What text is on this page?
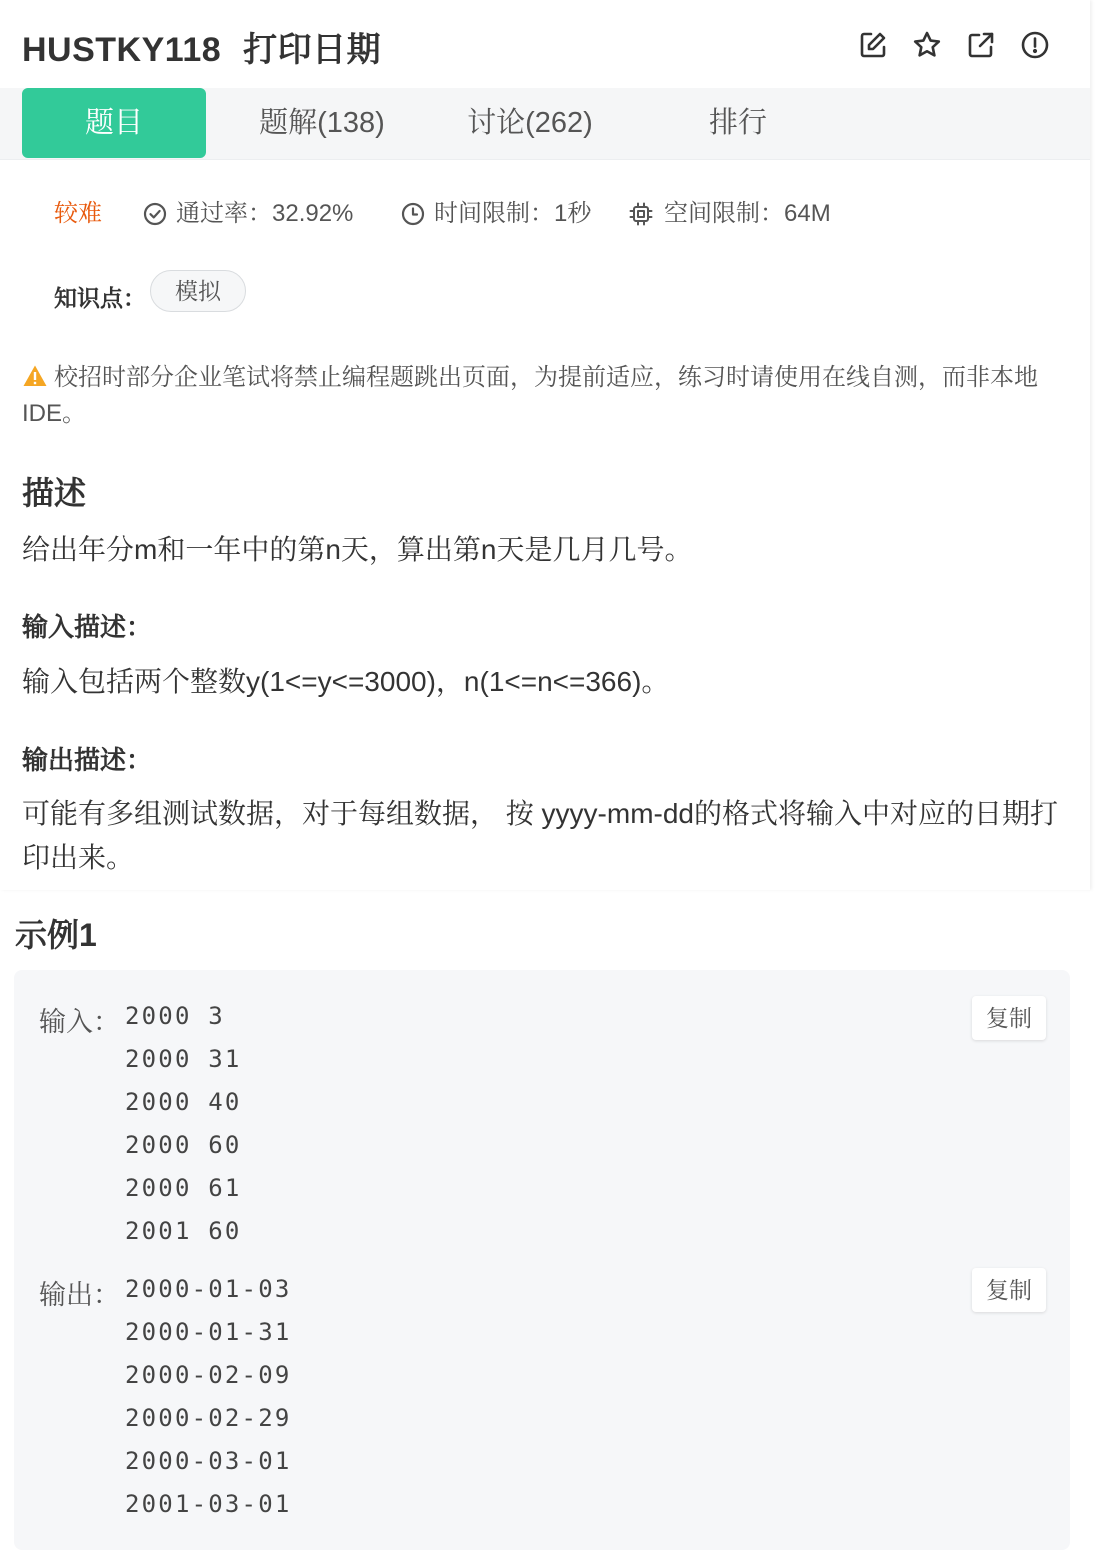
HUSTKY118 打印日期
题目	题解(138)	讨论(262)	排行
较难	通过率：32.92%	时间限制：1秒	空间限制：64M
知识点：	模拟
校招时部分企业笔试将禁止编程题跳出页面，为提前适应，练习时请使用在线自测，而非本地IDE。
描述
给出年分m和一年中的第n天，算出第n天是几月几号。
输入描述：
输入包括两个整数y(1<=y<=3000)，n(1<=n<=366)。
输出描述：
可能有多组测试数据，对于每组数据， 按 yyyy-mm-dd的格式将输入中对应的日期打印出来。
示例1
输入： 2000 3
2000 31
2000 40
2000 60
2000 61
2001 60
复制
输出： 2000-01-03
2000-01-31
2000-02-09
2000-02-29
2000-03-01
2001-03-01
复制
